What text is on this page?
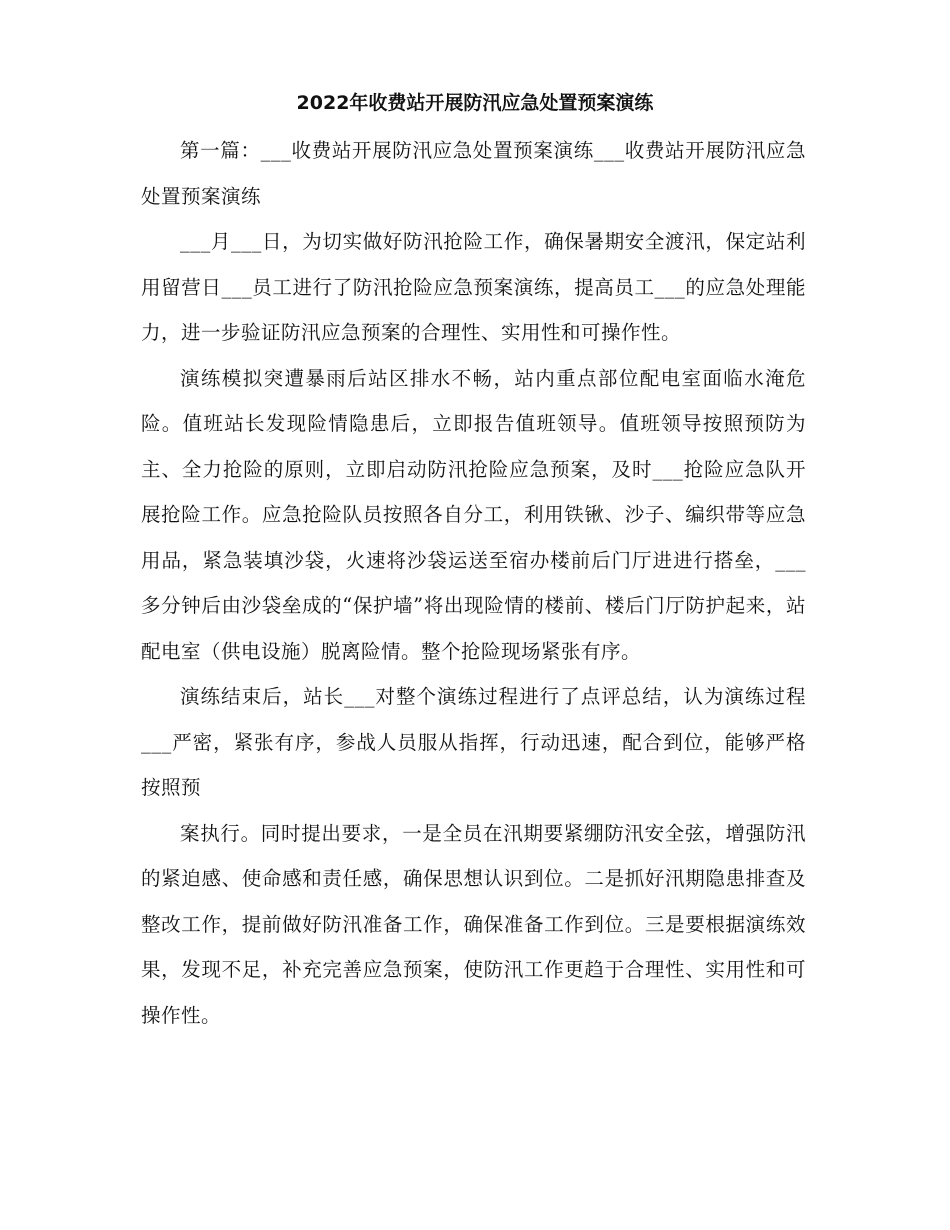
2022年收费站开展防汛应急处置预案演练

第一篇：___收费站开展防汛应急处置预案演练___收费站开展防汛应急处置预案演练

___月___日，为切实做好防汛抢险工作，确保暑期安全渡汛，保定站利用留营日___员工进行了防汛抢险应急预案演练，提高员工___的应急处理能力，进一步验证防汛应急预案的合理性、实用性和可操作性。

演练模拟突遭暴雨后站区排水不畅，站内重点部位配电室面临水淹危险。值班站长发现险情隐患后，立即报告值班领导。值班领导按照预防为主、全力抢险的原则，立即启动防汛抢险应急预案，及时___抢险应急队开展抢险工作。应急抢险队员按照各自分工，利用铁锹、沙子、编织带等应急用品，紧急装填沙袋，火速将沙袋运送至宿办楼前后门厅进进行搭垒，___多分钟后由沙袋垒成的“保护墙”将出现险情的楼前、楼后门厅防护起来，站配电室（供电设施）脱离险情。整个抢险现场紧张有序。

演练结束后，站长___对整个演练过程进行了点评总结，认为演练过程___严密，紧张有序，参战人员服从指挥，行动迅速，配合到位，能够严格按照预

案执行。同时提出要求，一是全员在汛期要紧绷防汛安全弦，增强防汛的紧迫感、使命感和责任感，确保思想认识到位。二是抓好汛期隐患排查及整改工作，提前做好防汛准备工作，确保准备工作到位。三是要根据演练效果，发现不足，补充完善应急预案，使防汛工作更趋于合理性、实用性和可操作性。
